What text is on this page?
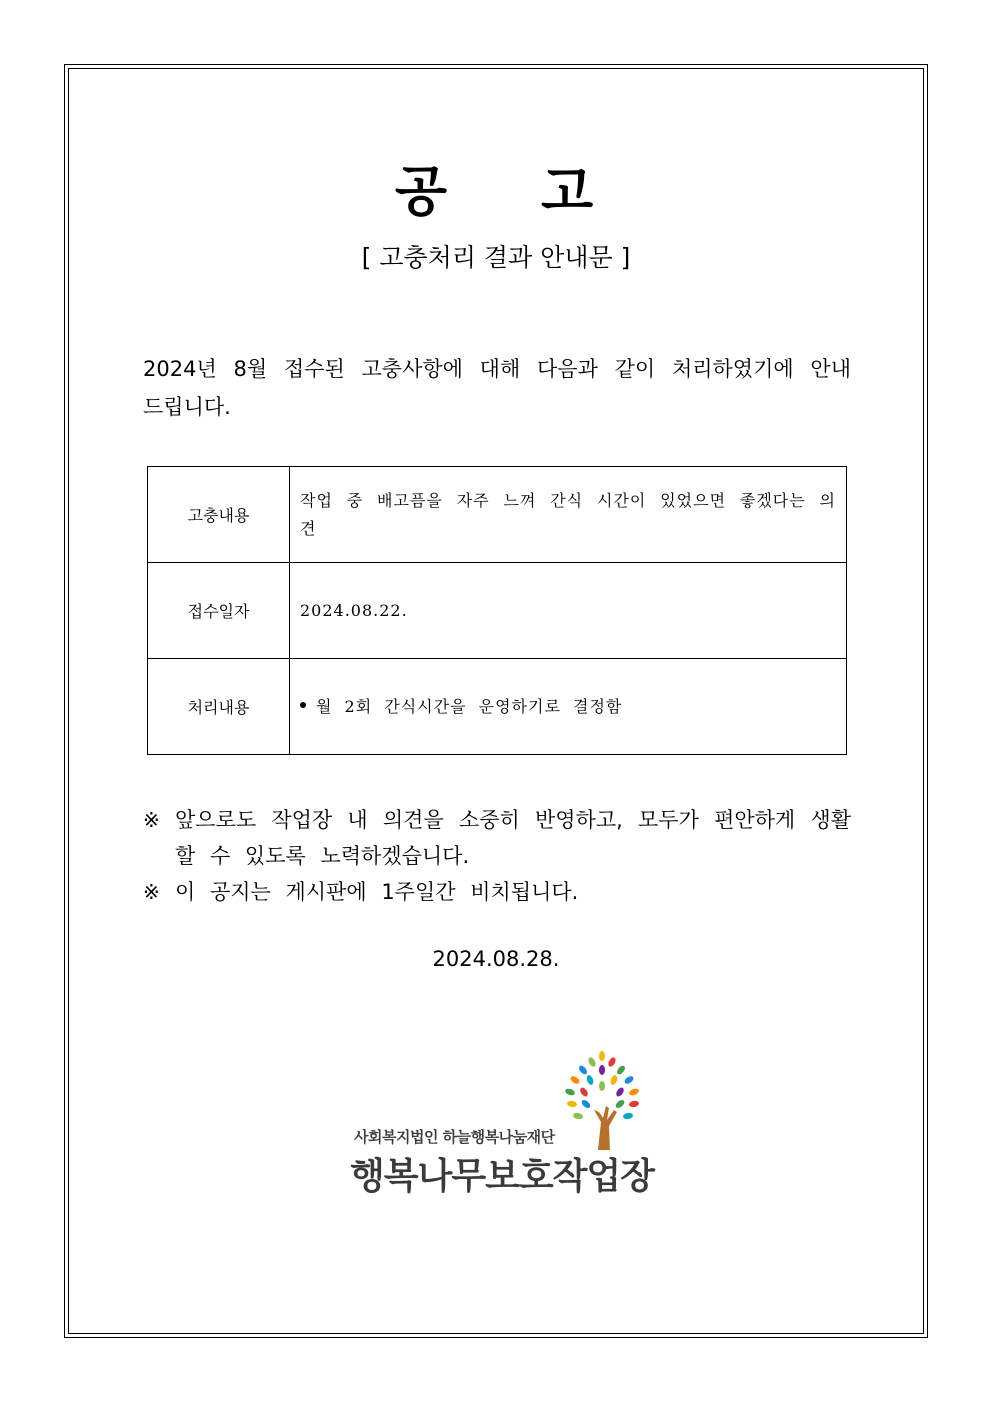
공 고
[ 고충처리 결과 안내문 ]
2024년 8월 접수된 고충사항에 대해 다음과 같이 처리하였기에 안내드립니다.
고충내용	작업 중 배고픔을 자주 느껴 간식 시간이 있었으면 좋겠다는 의견
접수일자	2024.08.22.
처리내용	월 2회 간식시간을 운영하기로 결정함

※ 앞으로도 작업장 내 의견을 소중히 반영하고, 모두가 편안하게 생활할 수 있도록 노력하겠습니다.

※ 이 공지는 게시판에 1주일간 비치됩니다.

2024.08.28.
사회복지법인 하늘행복나눔재단
행복나무보호작업장
